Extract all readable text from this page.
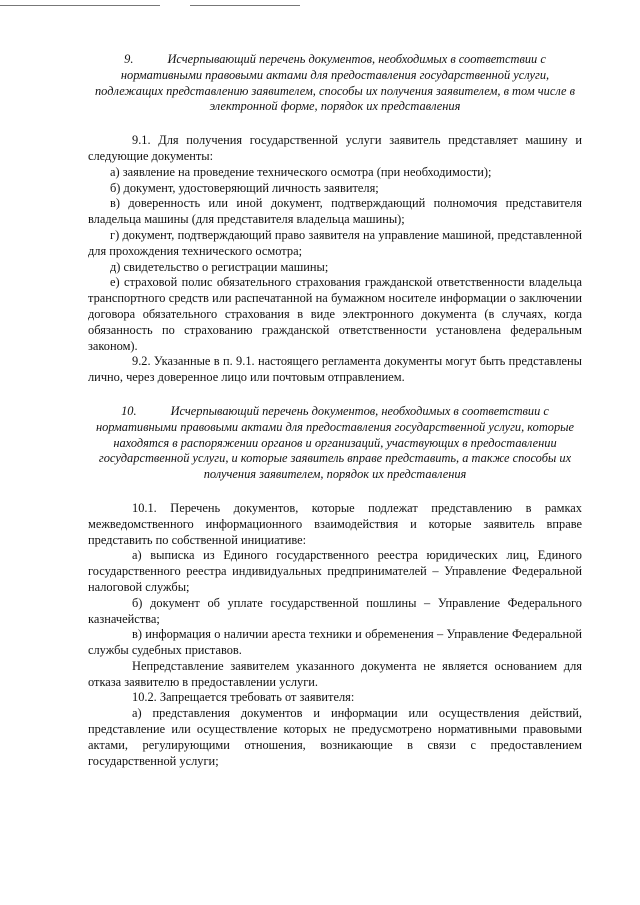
9.	Исчерпывающий перечень документов, необходимых в соответствии с нормативными правовыми актами для предоставления государственной услуги, подлежащих представлению заявителем, способы их получения заявителем, в том числе в электронной форме, порядок их представления

9.1. Для получения государственной услуги заявитель представляет машину и следующие документы:

а) заявление на проведение технического осмотра (при необходимости);

б) документ, удостоверяющий личность заявителя;

в) доверенность или иной документ, подтверждающий полномочия представителя владельца машины (для представителя владельца машины);

г) документ, подтверждающий право заявителя на управление машиной, представленной для прохождения технического осмотра;

д) свидетельство о регистрации машины;

е) страховой полис обязательного страхования гражданской ответственности владельца транспортного средств или распечатанной на бумажном носителе информации о заключении договора обязательного страхования в виде электронного документа (в случаях, когда обязанность по страхованию гражданской ответственности установлена федеральным законом).

9.2. Указанные в п. 9.1. настоящего регламента документы могут быть представлены лично, через доверенное лицо или почтовым отправлением.

10.	Исчерпывающий перечень документов, необходимых в соответствии с нормативными правовыми актами для предоставления государственной услуги, которые находятся в распоряжении органов и организаций, участвующих в предоставлении государственной услуги, и которые заявитель вправе представить, а также способы их получения заявителем, порядок их представления

10.1. Перечень документов, которые подлежат представлению в рамках межведомственного информационного взаимодействия и которые заявитель вправе представить по собственной инициативе:

а) выписка из Единого государственного реестра юридических лиц, Единого государственного реестра индивидуальных предпринимателей – Управление Федеральной налоговой службы;

б) документ об уплате государственной пошлины – Управление Федерального казначейства;

в) информация о наличии ареста техники и обременения – Управление Федеральной службы судебных приставов.

Непредставление заявителем указанного документа не является основанием для отказа заявителю в предоставлении услуги.

10.2. Запрещается требовать от заявителя:

а) представления документов и информации или осуществления действий, представление или осуществление которых не предусмотрено нормативными правовыми актами, регулирующими отношения, возникающие в связи с предоставлением государственной услуги;
